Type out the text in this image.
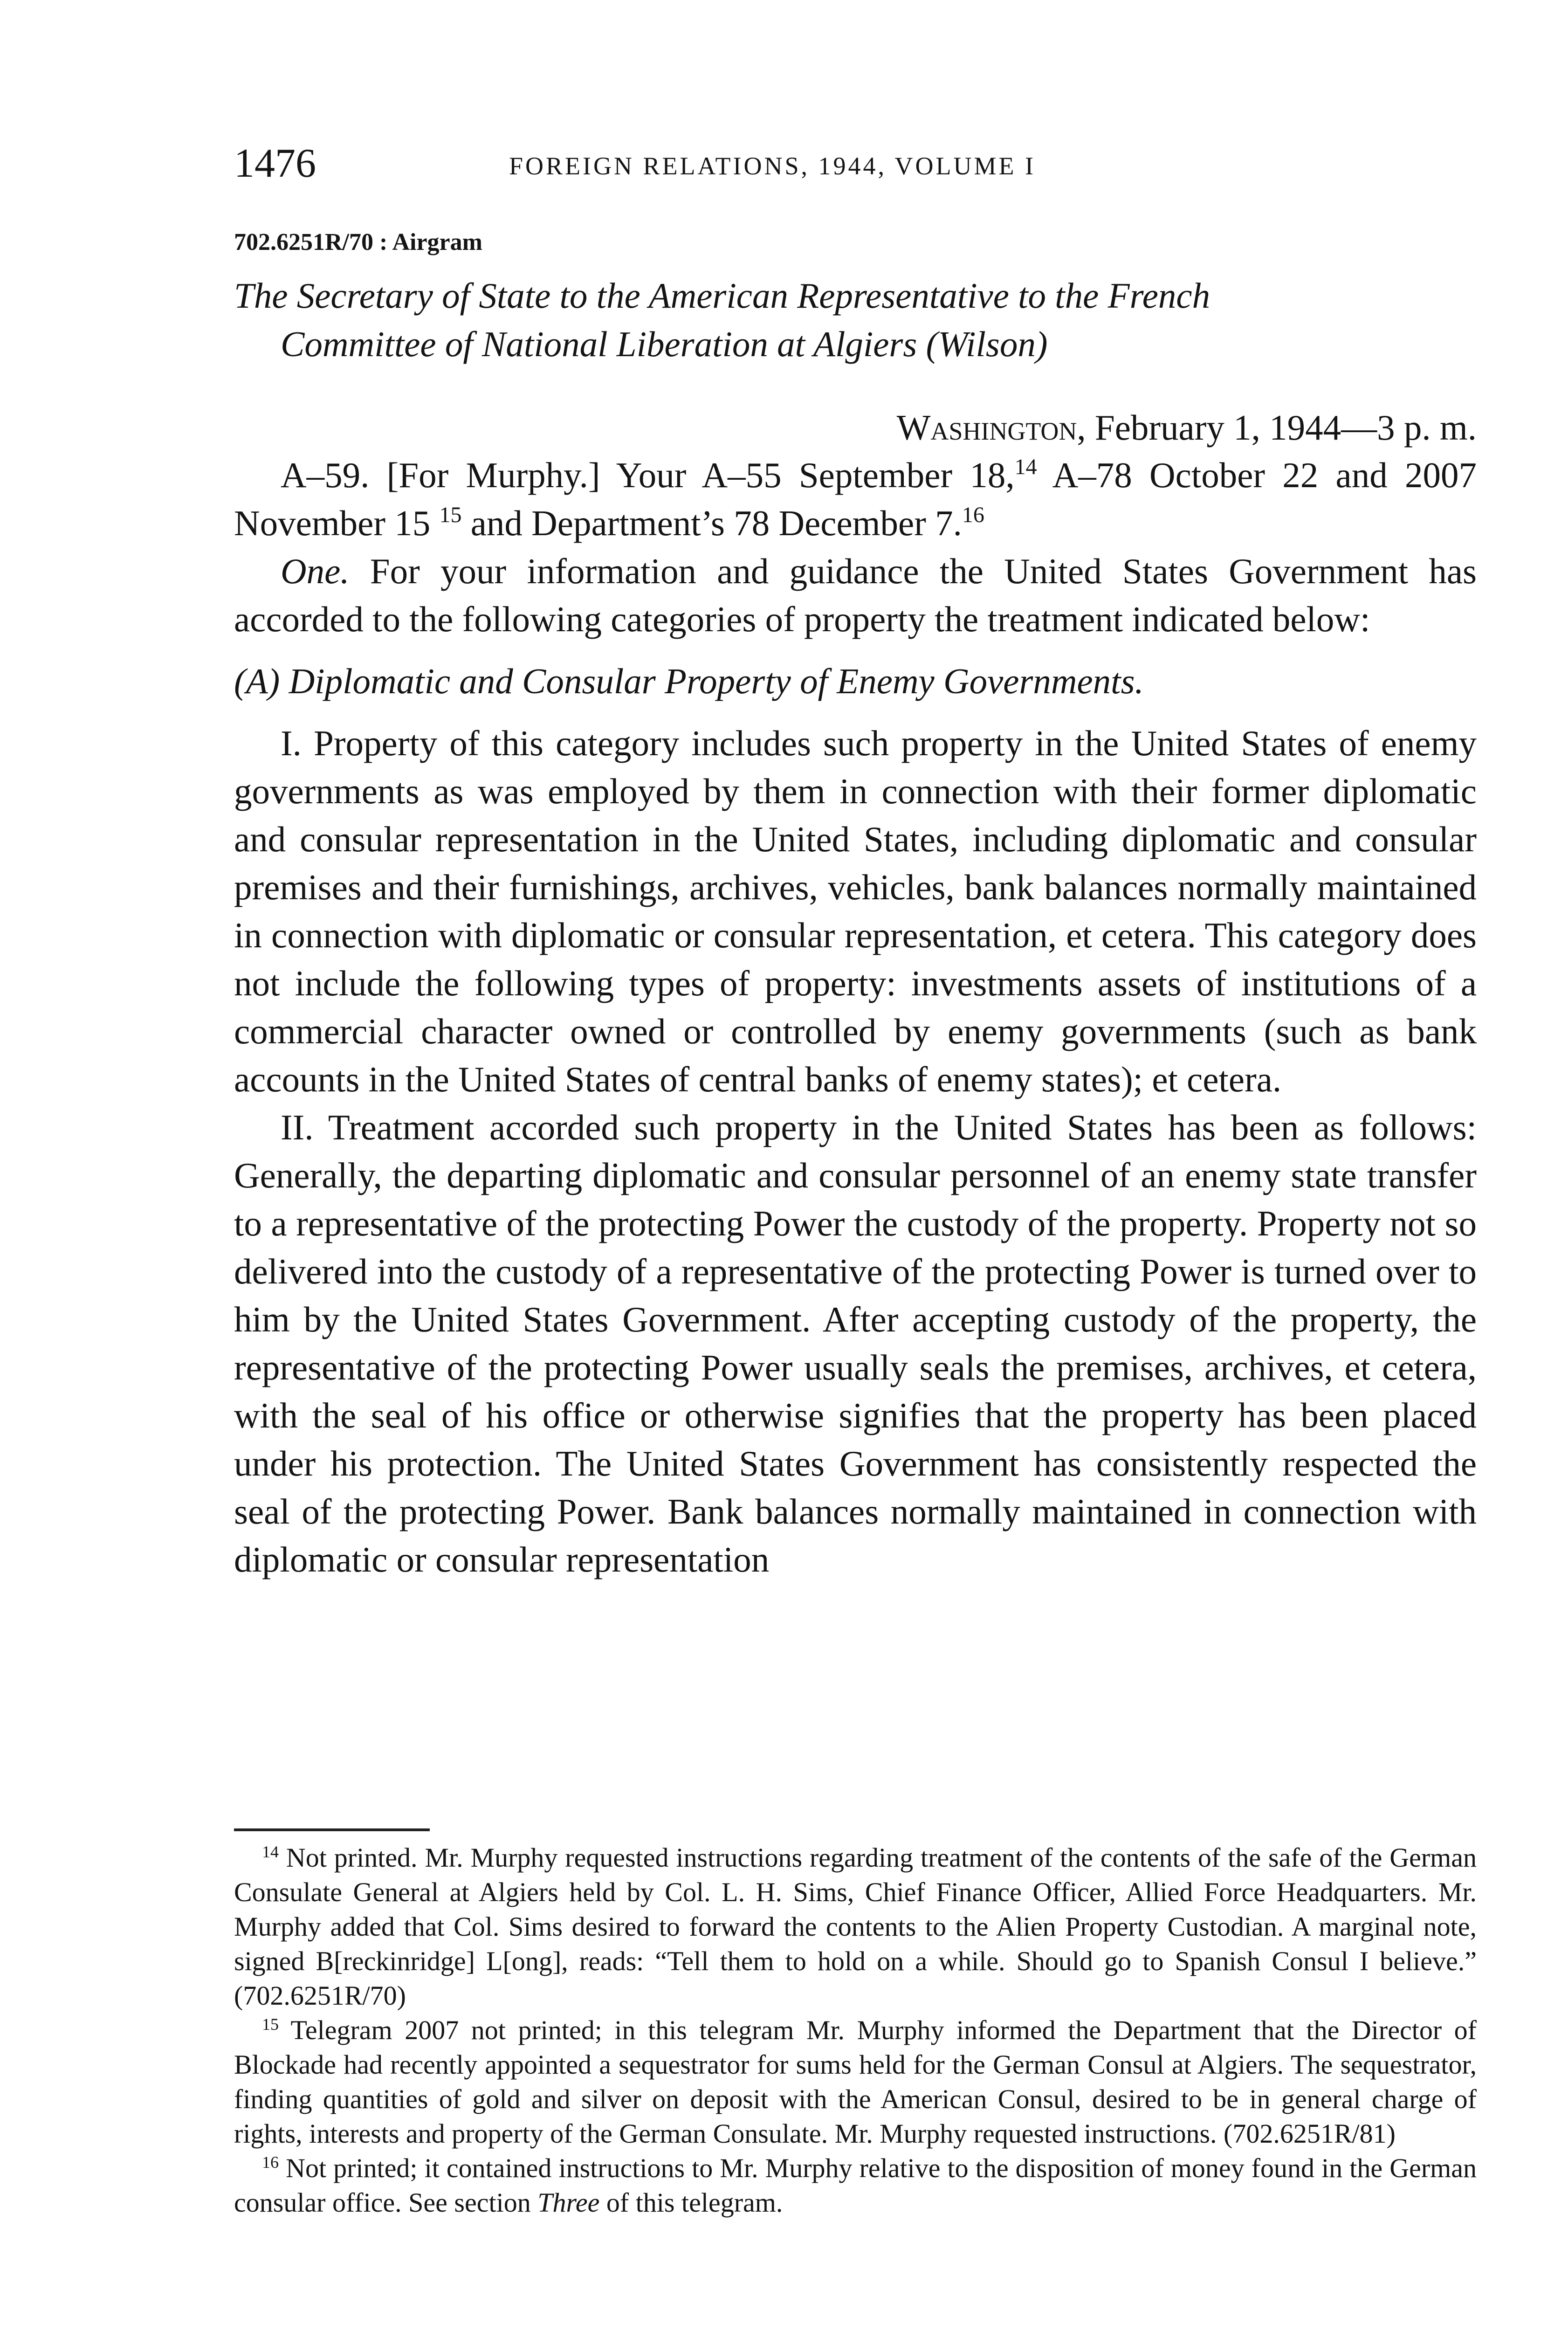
1476	FOREIGN RELATIONS, 1944, VOLUME I
702.6251R/70 : Airgram
The Secretary of State to the American Representative to the French
Committee of National Liberation at Algiers (Wilson)
Washington, February 1, 1944—3 p. m.

A–59. [For Murphy.] Your A–55 September 18,14 A–78 October 22 and 2007 November 15 $^{15}$ and Department’s 78 December 7.16

One. For your information and guidance the United States Government has accorded to the following categories of property the treatment indicated below:

(A) Diplomatic and Consular Property of Enemy Governments.

I. Property of this category includes such property in the United States of enemy governments as was employed by them in connection with their former diplomatic and consular representation in the United States, including diplomatic and consular premises and their furnishings, archives, vehicles, bank balances normally maintained in connection with diplomatic or consular representation, et cetera. This category does not include the following types of property: investments assets of institutions of a commercial character owned or controlled by enemy governments (such as bank accounts in the United States of central banks of enemy states); et cetera.

II. Treatment accorded such property in the United States has been as follows: Generally, the departing diplomatic and consular personnel of an enemy state transfer to a representative of the protecting Power the custody of the property. Property not so delivered into the custody of a representative of the protecting Power is turned over to him by the United States Government. After accepting custody of the property, the representative of the protecting Power usually seals the premises, archives, et cetera, with the seal of his office or otherwise signifies that the property has been placed under his protection. The United States Government has consistently respected the seal of the protecting Power. Bank balances normally maintained in connection with diplomatic or consular representation

$^{14}$ Not printed. Mr. Murphy requested instructions regarding treatment of the contents of the safe of the German Consulate General at Algiers held by Col. L. H. Sims, Chief Finance Officer, Allied Force Headquarters. Mr. Murphy added that Col. Sims desired to forward the contents to the Alien Property Custodian. A marginal note, signed B[reckinridge] L[ong], reads: “Tell them to hold on a while. Should go to Spanish Consul I believe.” (702.6251R/70)

$^{15}$ Telegram 2007 not printed; in this telegram Mr. Murphy informed the Department that the Director of Blockade had recently appointed a sequestrator for sums held for the German Consul at Algiers. The sequestrator, finding quantities of gold and silver on deposit with the American Consul, desired to be in general charge of rights, interests and property of the German Consulate. Mr. Murphy requested instructions. (702.6251R/81)

$^{16}$ Not printed; it contained instructions to Mr. Murphy relative to the disposition of money found in the German consular office. See section Three of this telegram.
